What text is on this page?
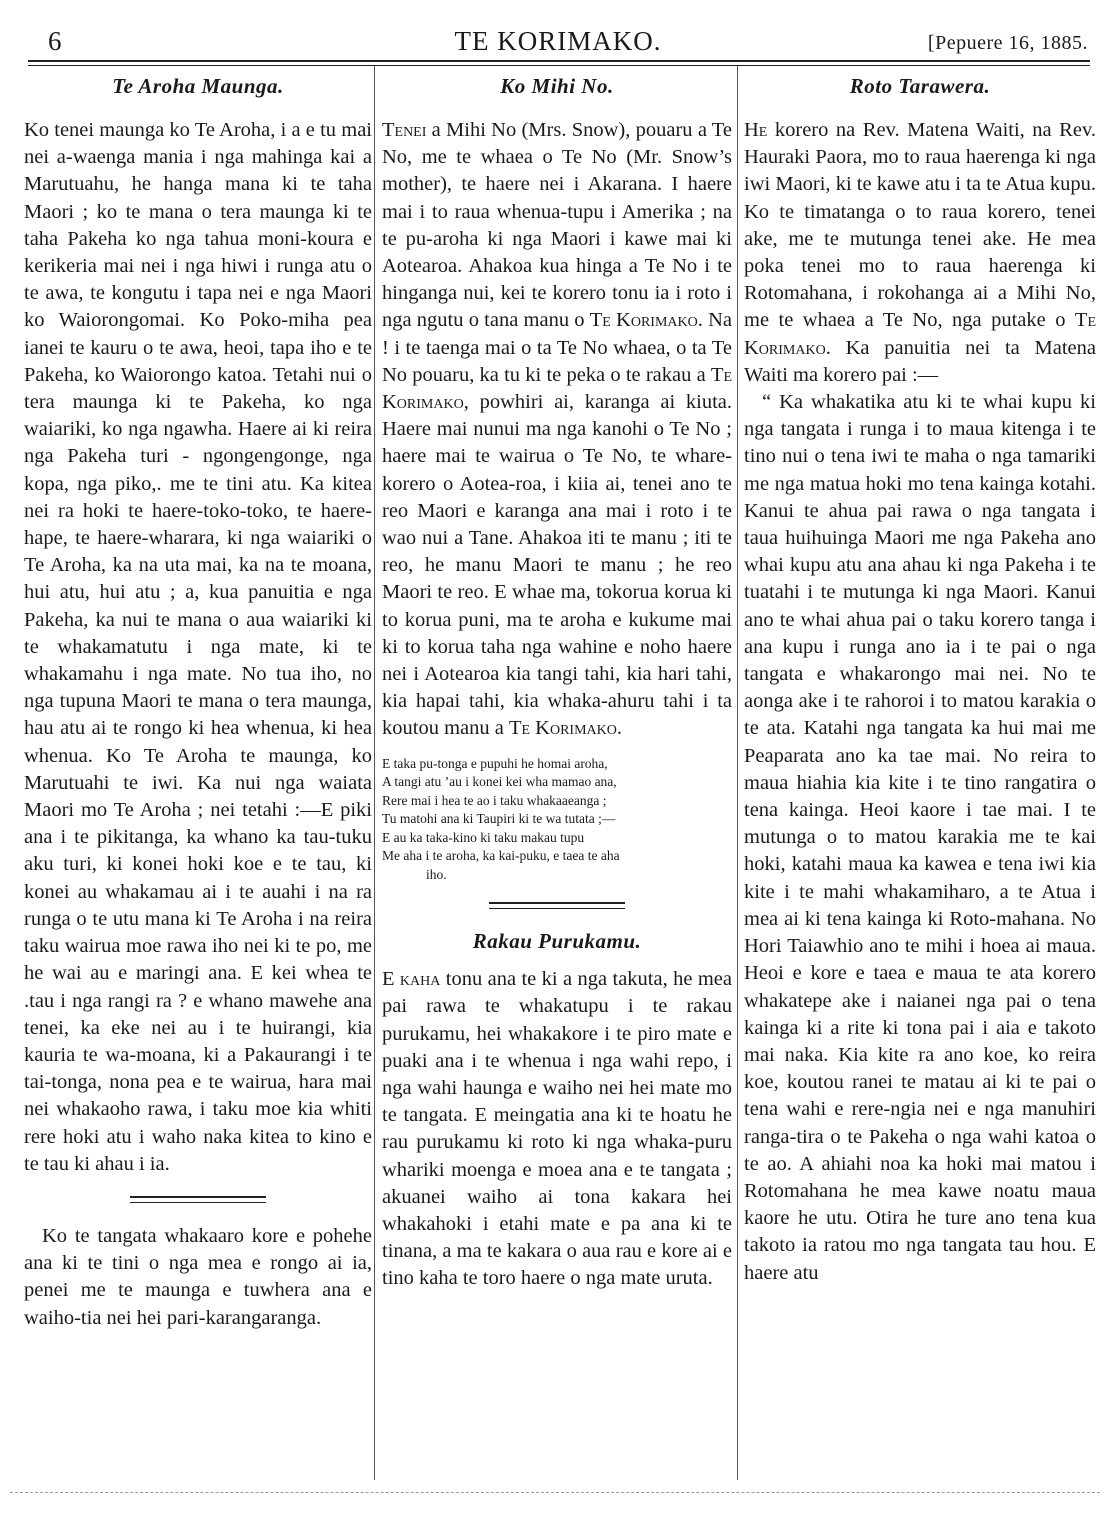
6	TE KORIMAKO.	[Pepuere 16, 1885.
Te Aroha Maunga.

Ko tenei maunga ko Te Aroha, i a e tu mai nei a-waenga mania i nga mahinga kai a Marutuahu, he hanga mana ki te taha Maori ; ko te mana o tera maunga ki te taha Pakeha ko nga tahua moni-koura e kerikeria mai nei i nga hiwi i runga atu o te awa, te kongutu i tapa nei e nga Maori ko Waiorongomai. Ko Poko-miha pea ianei te kauru o te awa, heoi, tapa iho e te Pakeha, ko Waiorongo katoa. Tetahi nui o tera maunga ki te Pakeha, ko nga waiariki, ko nga ngawha. Haere ai ki reira nga Pakeha turi - ngongengonge, nga kopa, nga piko,. me te tini atu. Ka kitea nei ra hoki te haere-toko-toko, te haere-hape, te haere-wharara, ki nga waiariki o Te Aroha, ka na uta mai, ka na te moana, hui atu, hui atu ; a, kua panuitia e nga Pakeha, ka nui te mana o aua waiariki ki te whakamatutu i nga mate, ki te whakamahu i nga mate. No tua iho, no nga tupuna Maori te mana o tera maunga, hau atu ai te rongo ki hea whenua, ki hea whenua. Ko Te Aroha te maunga, ko Marutuahi te iwi. Ka nui nga waiata Maori mo Te Aroha ; nei tetahi :—E piki ana i te pikitanga, ka whano ka tau-tuku aku turi, ki konei hoki koe e te tau, ki konei au whakamau ai i te auahi i na ra runga o te utu mana ki Te Aroha i na reira taku wairua moe rawa iho nei ki te po, me he wai au e maringi ana. E kei whea te .tau i nga rangi ra ? e whano mawehe ana tenei, ka eke nei au i te huirangi, kia kauria te wa-moana, ki a Pakaurangi i te tai-tonga, nona pea e te wairua, hara mai nei whakaoho rawa, i taku moe kia whiti rere hoki atu i waho naka kitea to kino e te tau ki ahau i ia.

Ko te tangata whakaaro kore e pohehe ana ki te tini o nga mea e rongo ai ia, penei me te maunga e tuwhera ana e waiho-tia nei hei pari-karangaranga.

Ko Mihi No.

Tenei a Mihi No (Mrs. Snow), pouaru a Te No, me te whaea o Te No (Mr. Snow’s mother), te haere nei i Akarana. I haere mai i to raua whenua-tupu i Amerika ; na te pu-aroha ki nga Maori i kawe mai ki Aotearoa. Ahakoa kua hinga a Te No i te hinganga nui, kei te korero tonu ia i roto i nga ngutu o tana manu o Te Korimako. Na ! i te taenga mai o ta Te No whaea, o ta Te No pouaru, ka tu ki te peka o te rakau a Te Korimako, powhiri ai, karanga ai kiuta. Haere mai nunui ma nga kanohi o Te No ; haere mai te wairua o Te No, te whare-korero o Aotea-roa, i kiia ai, tenei ano te reo Maori e karanga ana mai i roto i te wao nui a Tane. Ahakoa iti te manu ; iti te reo, he manu Maori te manu ; he reo Maori te reo. E whae ma, tokorua korua ki to korua puni, ma te aroha e kukume mai ki to korua taha nga wahine e noho haere nei i Aotearoa kia tangi tahi, kia hari tahi, kia hapai tahi, kia whaka-ahuru tahi i ta koutou manu a Te Korimako.

E taka pu-tonga e pupuhi he homai aroha,
A tangi atu ’au i konei kei wha mamao ana,
Rere mai i hea te ao i taku whakaaeanga ;
Tu matohi ana ki Taupiri ki te wa tutata ;—
E au ka taka-kino ki taku makau tupu
Me aha i te aroha, ka kai-puku, e taea te aha
iho.
Rakau Purukamu.

E kaha tonu ana te ki a nga takuta, he mea pai rawa te whakatupu i te rakau purukamu, hei whakakore i te piro mate e puaki ana i te whenua i nga wahi repo, i nga wahi haunga e waiho nei hei mate mo te tangata. E meingatia ana ki te hoatu he rau purukamu ki roto ki nga whaka-puru whariki moenga e moea ana e te tangata ; akuanei waiho ai tona kakara hei whakahoki i etahi mate e pa ana ki te tinana, a ma te kakara o aua rau e kore ai e tino kaha te toro haere o nga mate uruta.

Roto Tarawera.

He korero na Rev. Matena Waiti, na Rev. Hauraki Paora, mo to raua haerenga ki nga iwi Maori, ki te kawe atu i ta te Atua kupu. Ko te timatanga o to raua korero, tenei ake, me te mutunga tenei ake. He mea poka tenei mo to raua haerenga ki Rotomahana, i rokohanga ai a Mihi No, me te whaea a Te No, nga putake o Te Korimako. Ka panuitia nei ta Matena Waiti ma korero pai :—

“ Ka whakatika atu ki te whai kupu ki nga tangata i runga i to maua kitenga i te tino nui o tena iwi te maha o nga tamariki me nga matua hoki mo tena kainga kotahi. Kanui te ahua pai rawa o nga tangata i taua huihuinga Maori me nga Pakeha ano whai kupu atu ana ahau ki nga Pakeha i te tuatahi i te mutunga ki nga Maori. Kanui ano te whai ahua pai o taku korero tanga i ana kupu i runga ano ia i te pai o nga tangata e whakarongo mai nei. No te aonga ake i te rahoroi i to matou karakia o te ata. Katahi nga tangata ka hui mai me Peaparata ano ka tae mai. No reira to maua hiahia kia kite i te tino rangatira o tena kainga. Heoi kaore i tae mai. I te mutunga o to matou karakia me te kai hoki, katahi maua ka kawea e tena iwi kia kite i te mahi whakamiharo, a te Atua i mea ai ki tena kainga ki Roto-mahana. No Hori Taiawhio ano te mihi i hoea ai maua. Heoi e kore e taea e maua te ata korero whakatepe ake i naianei nga pai o tena kainga ki a rite ki tona pai i aia e takoto mai naka. Kia kite ra ano koe, ko reira koe, koutou ranei te matau ai ki te pai o tena wahi e rere-ngia nei e nga manuhiri ranga-tira o te Pakeha o nga wahi katoa o te ao. A ahiahi noa ka hoki mai matou i Rotomahana he mea kawe noatu maua kaore he utu. Otira he ture ano tena kua takoto ia ratou mo nga tangata tau hou. E haere atu
